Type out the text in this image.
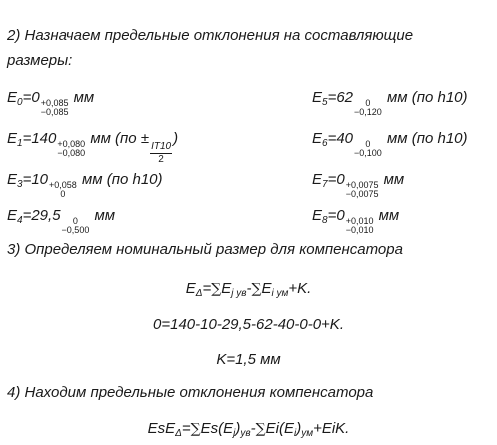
2) Назначаем предельные отклонения на составляющие
размеры:
$E_0=0 +0,085$
−0,085
мм	$E_5=62$ 0
−0,120
мм (по h10)
$E_1=140 +0,080$
−0,080
мм (по ±
$\frac{IT10}{2}$
)	$E_6=40$ 0
−0,100
мм (по h10)
$E_3=10 +0,058$
0
мм (по h10)	$E_7=0 +0,0075$
−0,0075
мм
$E_4=29,5$ 0
−0,500
мм	$E_8=0 +0,010$
−0,010
мм
3) Определяем номинальный размер для компенсатора
$E_\Delta=\sum E_{j yв}-\sum E_{i yм}+K$.
0=140-10-29,5-62-40-0-0+K.
K=1,5 мм
4) Находим предельные отклонения компенсатора
$EsE_\Delta=\sum Es(E_j)_{yв}-\sum Ei(E_i)_{yм}+EiK$.
